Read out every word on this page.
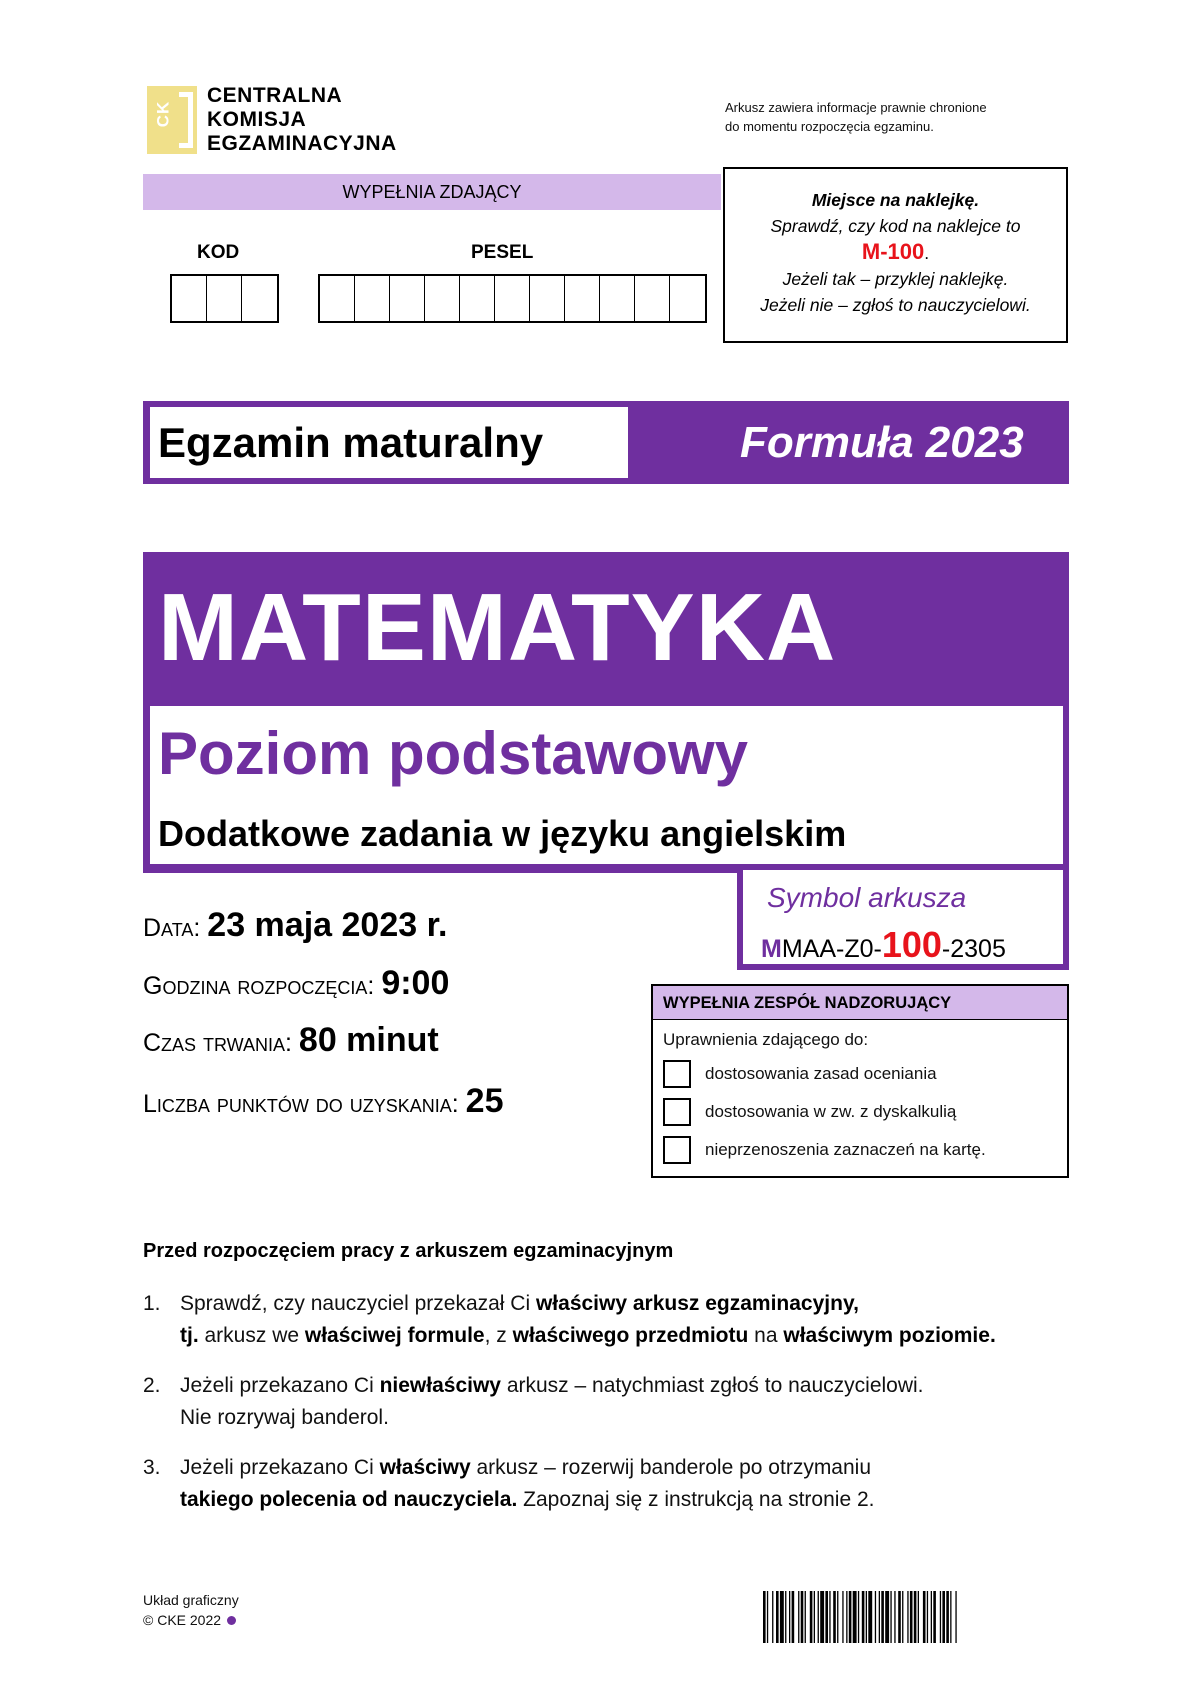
CK
CENTRALNA
KOMISJA
EGZAMINACYJNA
Arkusz zawiera informacje prawnie chronione
do momentu rozpoczęcia egzaminu.
WYPEŁNIA ZDAJĄCY
KOD	PESEL
Miejsce na naklejkę.
Sprawdź, czy kod na naklejce to
M-100.
Jeżeli tak – przyklej naklejkę.
Jeżeli nie – zgłoś to nauczycielowi.
Egzamin maturalny	Formuła 2023
MATEMATYKA
Poziom podstawowy
Dodatkowe zadania w języku angielskim
Symbol arkusza
MMAA-Z0-100-2305
Data: 23 maja 2023 r.
Godzina rozpoczęcia: 9:00
Czas trwania: 80 minut
Liczba punktów do uzyskania: 25
WYPEŁNIA ZESPÓŁ NADZORUJĄCY
Uprawnienia zdającego do:
dostosowania zasad oceniania
dostosowania w zw. z dyskalkulią
nieprzenoszenia zaznaczeń na kartę.
Przed rozpoczęciem pracy z arkuszem egzaminacyjnym
1. Sprawdź, czy nauczyciel przekazał Ci właściwy arkusz egzaminacyjny,
tj. arkusz we właściwej formule, z właściwego przedmiotu na właściwym poziomie.
2. Jeżeli przekazano Ci niewłaściwy arkusz – natychmiast zgłoś to nauczycielowi.
Nie rozrywaj banderol.
3. Jeżeli przekazano Ci właściwy arkusz – rozerwij banderole po otrzymaniu
takiego polecenia od nauczyciela. Zapoznaj się z instrukcją na stronie 2.
Układ graficzny
© CKE 2022
